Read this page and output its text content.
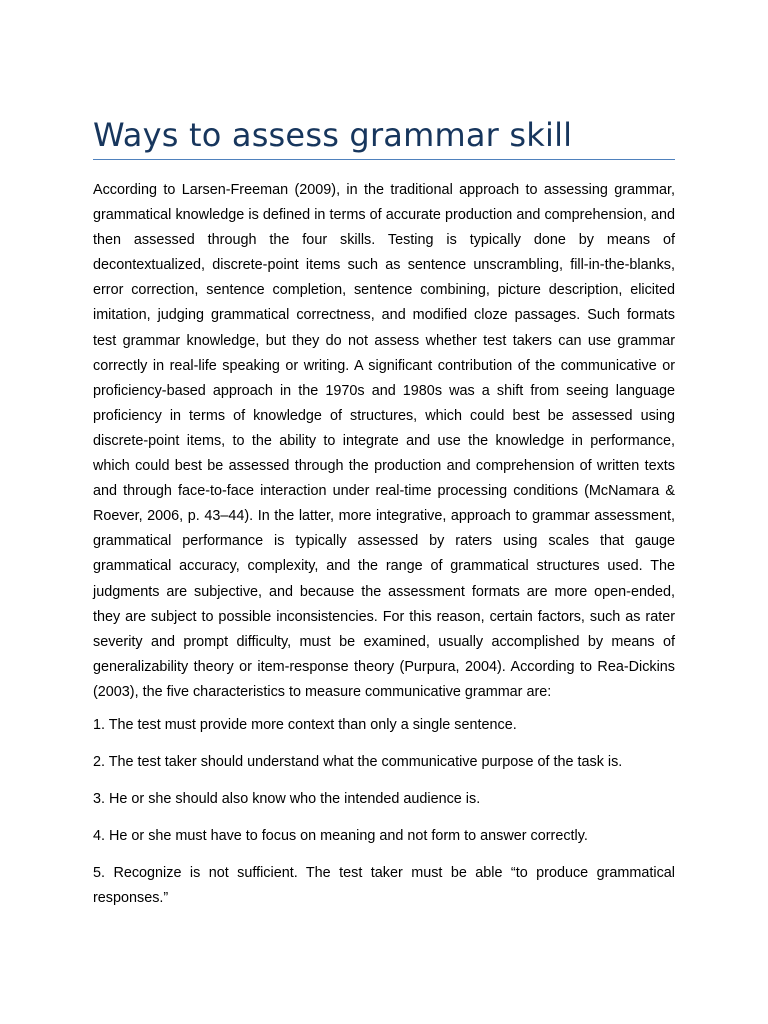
Ways to assess grammar skill

According to Larsen-Freeman (2009), in the traditional approach to assessing grammar, grammatical knowledge is defined in terms of accurate production and comprehension, and then assessed through the four skills. Testing is typically done by means of decontextualized, discrete-point items such as sentence unscrambling, fill-in-the-blanks, error correction, sentence completion, sentence combining, picture description, elicited imitation, judging grammatical correctness, and modified cloze passages. Such formats test grammar knowledge, but they do not assess whether test takers can use grammar correctly in real-life speaking or writing. A significant contribution of the communicative or proficiency-based approach in the 1970s and 1980s was a shift from seeing language proficiency in terms of knowledge of structures, which could best be assessed using discrete-point items, to the ability to integrate and use the knowledge in performance, which could best be assessed through the production and comprehension of written texts and through face-to-face interaction under real-time processing conditions (McNamara & Roever, 2006, p. 43–44). In the latter, more integrative, approach to grammar assessment, grammatical performance is typically assessed by raters using scales that gauge grammatical accuracy, complexity, and the range of grammatical structures used. The judgments are subjective, and because the assessment formats are more open-ended, they are subject to possible inconsistencies. For this reason, certain factors, such as rater severity and prompt difficulty, must be examined, usually accomplished by means of generalizability theory or item-response theory (Purpura, 2004). According to Rea-Dickins (2003), the five characteristics to measure communicative grammar are:

1. The test must provide more context than only a single sentence.

2. The test taker should understand what the communicative purpose of the task is.

3. He or she should also know who the intended audience is.

4. He or she must have to focus on meaning and not form to answer correctly.

5. Recognize is not sufficient. The test taker must be able “to produce grammatical responses.”
